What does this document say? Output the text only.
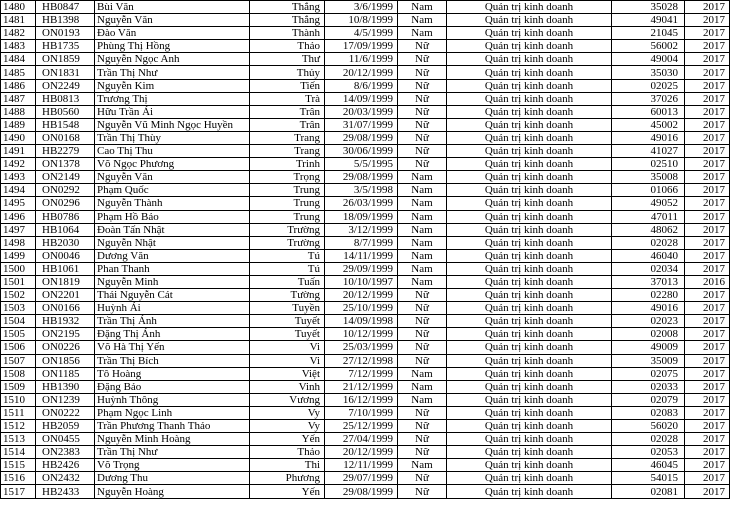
1480	HB0847	Bùi Văn	Thắng	3/6/1999	Nam	Quản trị kinh doanh	35028	2017
1481	HB1398	Nguyễn Văn	Thắng	10/8/1999	Nam	Quản trị kinh doanh	49041	2017
1482	ON0193	Đào Văn	Thành	4/5/1999	Nam	Quản trị kinh doanh	21045	2017
1483	HB1735	Phùng Thị Hồng	Thảo	17/09/1999	Nữ	Quản trị kinh doanh	56002	2017
1484	ON1859	Nguyễn Ngọc Anh	Thư	11/6/1999	Nữ	Quản trị kinh doanh	49004	2017
1485	ON1831	Trần Thị Như	Thủy	20/12/1999	Nữ	Quản trị kinh doanh	35030	2017
1486	ON2249	Nguyễn Kim	Tiến	8/6/1999	Nữ	Quản trị kinh doanh	02025	2017
1487	HB0813	Trương Thị	Trà	14/09/1999	Nữ	Quản trị kinh doanh	37026	2017
1488	HB0560	Hữu Trần Ái	Trân	20/03/1999	Nữ	Quản trị kinh doanh	60013	2017
1489	HB1548	Nguyễn Vũ Minh Ngọc Huyền	Trân	31/07/1999	Nữ	Quản trị kinh doanh	45002	2017
1490	ON0168	Trần Thị Thùy	Trang	29/08/1999	Nữ	Quản trị kinh doanh	49016	2017
1491	HB2279	Cao Thị Thu	Trang	30/06/1999	Nữ	Quản trị kinh doanh	41027	2017
1492	ON1378	Võ Ngọc Phương	Trinh	5/5/1995	Nữ	Quản trị kinh doanh	02510	2017
1493	ON2149	Nguyễn Văn	Trọng	29/08/1999	Nam	Quản trị kinh doanh	35008	2017
1494	ON0292	Phạm Quốc	Trung	3/5/1998	Nam	Quản trị kinh doanh	01066	2017
1495	ON0296	Nguyễn Thành	Trung	26/03/1999	Nam	Quản trị kinh doanh	49052	2017
1496	HB0786	Phạm Hồ Bảo	Trung	18/09/1999	Nam	Quản trị kinh doanh	47011	2017
1497	HB1064	Đoàn Tấn Nhật	Trường	3/12/1999	Nam	Quản trị kinh doanh	48062	2017
1498	HB2030	Nguyễn Nhật	Trường	8/7/1999	Nam	Quản trị kinh doanh	02028	2017
1499	ON0046	Dương Văn	Tú	14/11/1999	Nam	Quản trị kinh doanh	46040	2017
1500	HB1061	Phan Thanh	Tú	29/09/1999	Nam	Quản trị kinh doanh	02034	2017
1501	ON1819	Nguyễn Minh	Tuấn	10/10/1997	Nam	Quản trị kinh doanh	37013	2016
1502	ON2201	Thái Nguyễn Cát	Tường	20/12/1999	Nữ	Quản trị kinh doanh	02280	2017
1503	ON0166	Huỳnh Ái	Tuyền	25/10/1999	Nữ	Quản trị kinh doanh	49016	2017
1504	HB1932	Trần Thị Ánh	Tuyết	14/09/1998	Nữ	Quản trị kinh doanh	02023	2017
1505	ON2195	Đặng Thị Ánh	Tuyết	10/12/1999	Nữ	Quản trị kinh doanh	02008	2017
1506	ON0226	Võ Hà Thị Yến	Vi	25/03/1999	Nữ	Quản trị kinh doanh	49009	2017
1507	ON1856	Trần Thị Bích	Vi	27/12/1998	Nữ	Quản trị kinh doanh	35009	2017
1508	ON1185	Tô Hoàng	Việt	7/12/1999	Nam	Quản trị kinh doanh	02075	2017
1509	HB1390	Đặng Bảo	Vinh	21/12/1999	Nam	Quản trị kinh doanh	02033	2017
1510	ON1239	Huỳnh Thông	Vương	16/12/1999	Nam	Quản trị kinh doanh	02079	2017
1511	ON0222	Phạm Ngọc Linh	Vy	7/10/1999	Nữ	Quản trị kinh doanh	02083	2017
1512	HB2059	Trần Phương Thanh Thảo	Vy	25/12/1999	Nữ	Quản trị kinh doanh	56020	2017
1513	ON0455	Nguyễn Minh Hoàng	Yến	27/04/1999	Nữ	Quản trị kinh doanh	02028	2017
1514	ON2383	Trần Thị Như	Thảo	20/12/1999	Nữ	Quản trị kinh doanh	02053	2017
1515	HB2426	Võ Trọng	Thi	12/11/1999	Nam	Quản trị kinh doanh	46045	2017
1516	ON2432	Dương Thu	Phương	29/07/1999	Nữ	Quản trị kinh doanh	54015	2017
1517	HB2433	Nguyễn Hoàng	Yến	29/08/1999	Nữ	Quản trị kinh doanh	02081	2017
